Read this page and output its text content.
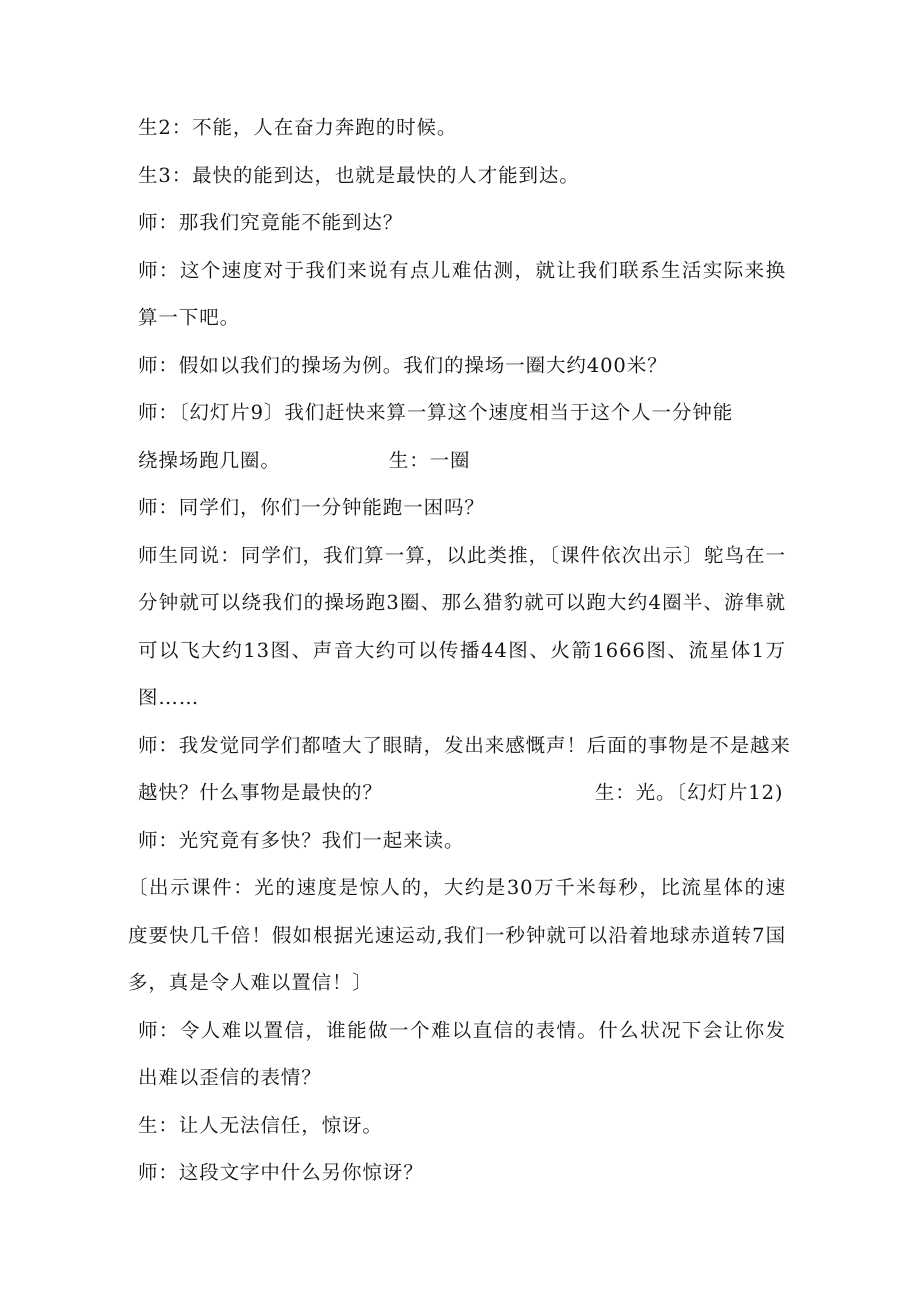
生2：不能，人在奋力奔跑的时候。
生3：最快的能到达，也就是最快的人才能到达。
师：那我们究竟能不能到达？
师：这个速度对于我们来说有点儿难估测，就让我们联系生活实际来换算一下吧。
师：假如以我们的操场为例。我们的操场一圈大约400米？
师：〔幻灯片9〕我们赶快来算一算这个速度相当于这个人一分钟能
绕操场跑几圈。	生：一圈
师：同学们，你们一分钟能跑一困吗？
师生同说：同学们，我们算一算，以此类推，〔课件依次出示〕鸵鸟在一分钟就可以绕我们的操场跑3圈、那么猎豹就可以跑大约4圈半、游隼就可以飞大约13图、声音大约可以传播44图、火箭1666图、流星体1万图……
师：我发觉同学们都喳大了眼睛，发出来感慨声！后面的事物是不是越来
越快？什么事物是最快的？	生：光。〔幻灯片12)
师：光究竟有多快？我们一起来读。
〔出示课件：光的速度是惊人的，大约是30万千米每秒，比流星体的速度要快几千倍！假如根据光速运动,我们一秒钟就可以沿着地球赤道转7国多，真是令人难以置信！〕
师：令人难以置信，谁能做一个难以直信的表情。什么状况下会让你发出难以歪信的表情？
生：让人无法信任，惊讶。
师：这段文字中什么另你惊讶？
